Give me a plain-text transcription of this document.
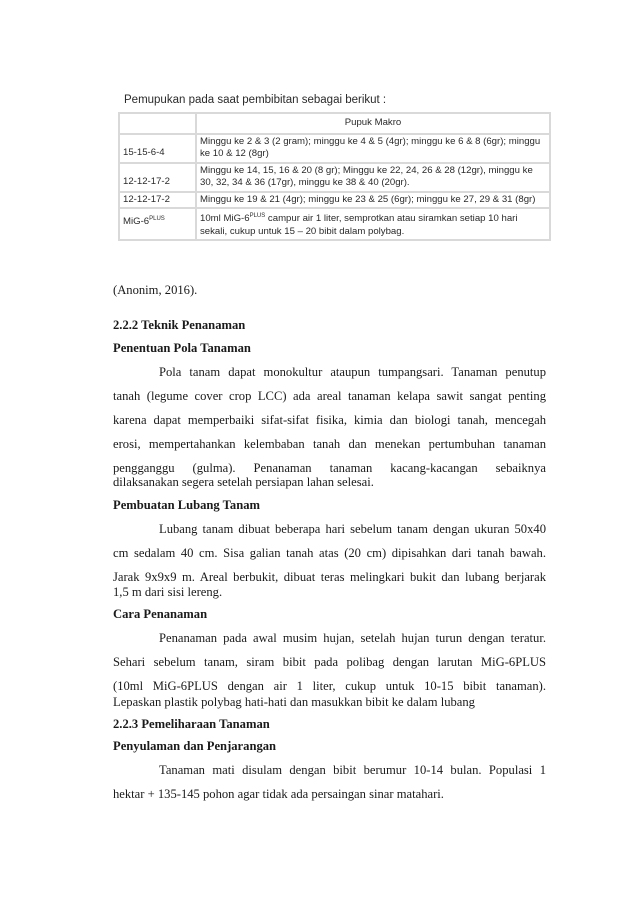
Pemupukan pada saat pembibitan sebagai berikut :
	Pupuk Makro
15-15-6-4	Minggu ke 2 & 3 (2 gram); minggu ke 4 & 5 (4gr); minggu ke 6 & 8 (6gr); minggu ke 10 & 12 (8gr)
12-12-17-2	Minggu ke 14, 15, 16 & 20 (8 gr); Minggu ke 22, 24, 26 & 28 (12gr), minggu ke 30, 32, 34 & 36 (17gr), minggu ke 38 & 40 (20gr).
12-12-17-2	Minggu ke 19 & 21 (4gr); minggu ke 23 & 25 (6gr); minggu ke 27, 29 & 31 (8gr)
MiG-$6^{PLUS}$	10ml MiG-$6^{PLUS}$ campur air 1 liter, semprotkan atau siramkan setiap 10 hari sekali, cukup untuk 15 – 20 bibit dalam polybag.
(Anonim, 2016).
2.2.2 Teknik Penanaman
Penentuan Pola Tanaman
Pola tanam dapat monokultur ataupun tumpangsari. Tanaman penutup
tanah (legume cover crop LCC) ada areal tanaman kelapa sawit sangat penting
karena dapat memperbaiki sifat-sifat fisika, kimia dan biologi tanah, mencegah
erosi, mempertahankan kelembaban tanah dan menekan pertumbuhan tanaman
pengganggu (gulma). Penanaman tanaman kacang-kacangan sebaiknya
dilaksanakan segera setelah persiapan lahan selesai.
Pembuatan Lubang Tanam
Lubang tanam dibuat beberapa hari sebelum tanam dengan ukuran 50x40
cm sedalam 40 cm. Sisa galian tanah atas (20 cm) dipisahkan dari tanah bawah.
Jarak 9x9x9 m. Areal berbukit, dibuat teras melingkari bukit dan lubang berjarak
1,5 m dari sisi lereng.
Cara Penanaman
Penanaman pada awal musim hujan, setelah hujan turun dengan teratur.
Sehari sebelum tanam, siram bibit pada polibag dengan larutan MiG-6PLUS
(10ml MiG-6PLUS dengan air 1 liter, cukup untuk 10-15 bibit tanaman).
Lepaskan plastik polybag hati-hati dan masukkan bibit ke dalam lubang
2.2.3 Pemeliharaan Tanaman
Penyulaman dan Penjarangan
Tanaman mati disulam dengan bibit berumur 10-14 bulan. Populasi 1
hektar + 135-145 pohon agar tidak ada persaingan sinar matahari.
